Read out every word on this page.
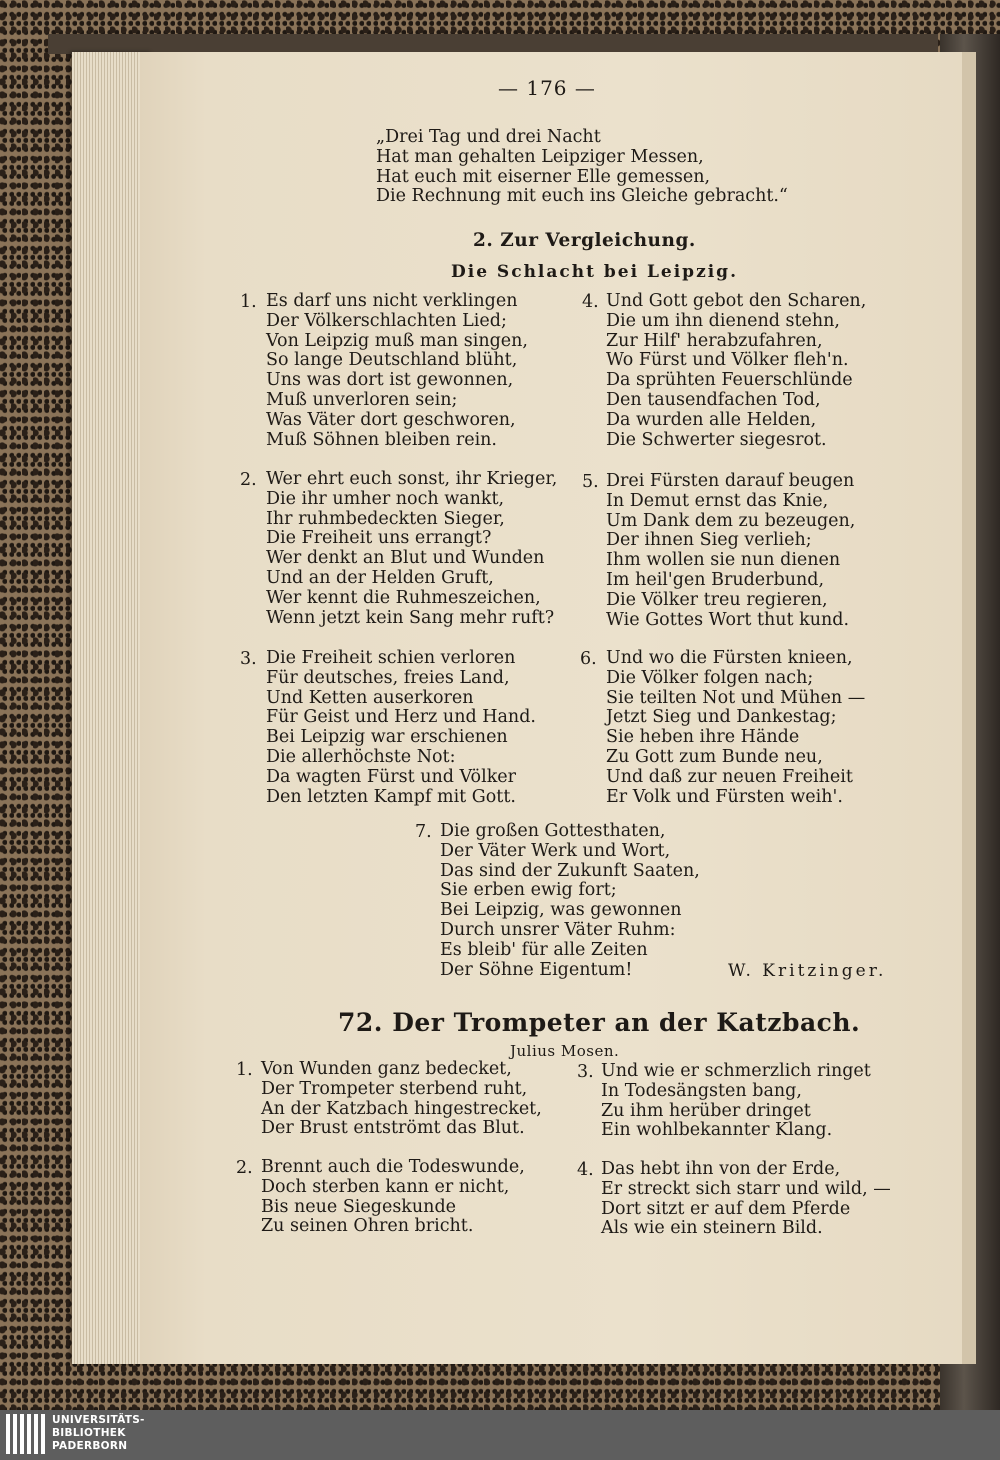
— 176 —
„Drei Tag und drei Nacht
Hat man gehalten Leipziger Messen,
Hat euch mit eiserner Elle gemessen,
Die Rechnung mit euch ins Gleiche gebracht.“
2. Zur Vergleichung.
Die Schlacht bei Leipzig.
1. Es darf uns nicht verklingen
Der Völkerschlachten Lied;
Von Leipzig muß man singen,
So lange Deutschland blüht,
Uns was dort ist gewonnen,
Muß unverloren sein;
Was Väter dort geschworen,
Muß Söhnen bleiben rein.
4. Und Gott gebot den Scharen,
Die um ihn dienend stehn,
Zur Hilf' herabzufahren,
Wo Fürst und Völker fleh'n.
Da sprühten Feuerschlünde
Den tausendfachen Tod,
Da wurden alle Helden,
Die Schwerter siegesrot.
2. Wer ehrt euch sonst, ihr Krieger,
Die ihr umher noch wankt,
Ihr ruhmbedeckten Sieger,
Die Freiheit uns errangt?
Wer denkt an Blut und Wunden
Und an der Helden Gruft,
Wer kennt die Ruhmeszeichen,
Wenn jetzt kein Sang mehr ruft?
5. Drei Fürsten darauf beugen
In Demut ernst das Knie,
Um Dank dem zu bezeugen,
Der ihnen Sieg verlieh;
Ihm wollen sie nun dienen
Im heil'gen Bruderbund,
Die Völker treu regieren,
Wie Gottes Wort thut kund.
3. Die Freiheit schien verloren
Für deutsches, freies Land,
Und Ketten auserkoren
Für Geist und Herz und Hand.
Bei Leipzig war erschienen
Die allerhöchste Not:
Da wagten Fürst und Völker
Den letzten Kampf mit Gott.
6. Und wo die Fürsten knieen,
Die Völker folgen nach;
Sie teilten Not und Mühen —
Jetzt Sieg und Dankestag;
Sie heben ihre Hände
Zu Gott zum Bunde neu,
Und daß zur neuen Freiheit
Er Volk und Fürsten weih'.
7. Die großen Gottesthaten,
Der Väter Werk und Wort,
Das sind der Zukunft Saaten,
Sie erben ewig fort;
Bei Leipzig, was gewonnen
Durch unsrer Väter Ruhm:
Es bleib' für alle Zeiten
Der Söhne Eigentum!	W. Kritzinger.
72. Der Trompeter an der Katzbach.
Julius Mosen.
1. Von Wunden ganz bedecket,
Der Trompeter sterbend ruht,
An der Katzbach hingestrecket,
Der Brust entströmt das Blut.
3. Und wie er schmerzlich ringet
In Todesängsten bang,
Zu ihm herüber dringet
Ein wohlbekannter Klang.
2. Brennt auch die Todeswunde,
Doch sterben kann er nicht,
Bis neue Siegeskunde
Zu seinen Ohren bricht.
4. Das hebt ihn von der Erde,
Er streckt sich starr und wild, —
Dort sitzt er auf dem Pferde
Als wie ein steinern Bild.
UNIVERSITÄTS-
BIBLIOTHEK
PADERBORN
